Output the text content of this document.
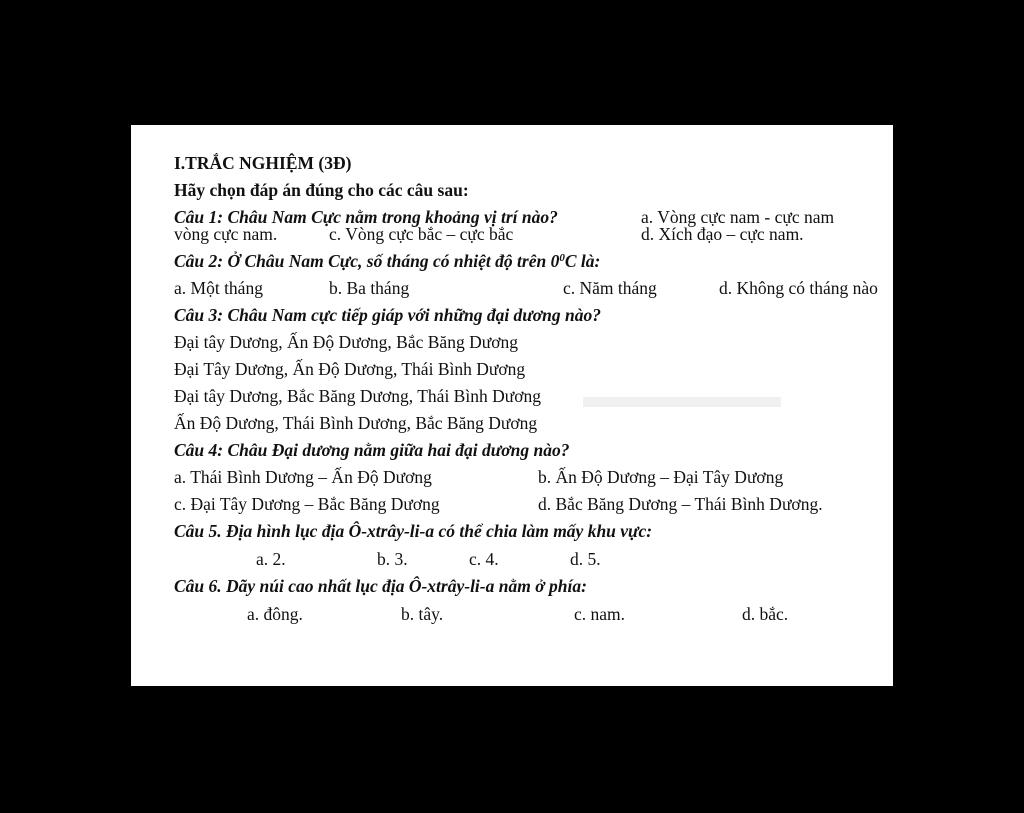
I.TRẮC NGHIỆM (3Đ)
Hãy chọn đáp án đúng cho các câu sau:
Câu 1: Châu Nam Cực nằm trong khoảng vị trí nào?	a. Vòng cực nam - cực nam
vòng cực nam.	c. Vòng cực bắc – cực bắc	d. Xích đạo – cực nam.
Câu 2: Ở Châu Nam Cực, số tháng có nhiệt độ trên $0^0C$ là:
a. Một tháng	b. Ba tháng	c. Năm tháng	d. Không có tháng nào
Câu 3: Châu Nam cực tiếp giáp với những đại dương nào?
Đại tây Dương, Ấn Độ Dương, Bắc Băng Dương
Đại Tây Dương, Ấn Độ Dương, Thái Bình Dương
Đại tây Dương, Bắc Băng Dương, Thái Bình Dương
Ấn Độ Dương, Thái Bình Dương, Bắc Băng Dương
Câu 4: Châu Đại dương nằm giữa hai đại dương nào?
a. Thái Bình Dương – Ấn Độ Dương	b. Ấn Độ Dương – Đại Tây Dương
c. Đại Tây Dương – Bắc Băng Dương	d. Bắc Băng Dương – Thái Bình Dương.
Câu 5. Địa hình lục địa Ô-xtrây-li-a có thể chia làm mấy khu vực:
a. 2.	b. 3.	c. 4.	d. 5.
Câu 6. Dãy núi cao nhất lục địa Ô-xtrây-li-a nằm ở phía:
a. đông.	b. tây.	c. nam.	d. bắc.
